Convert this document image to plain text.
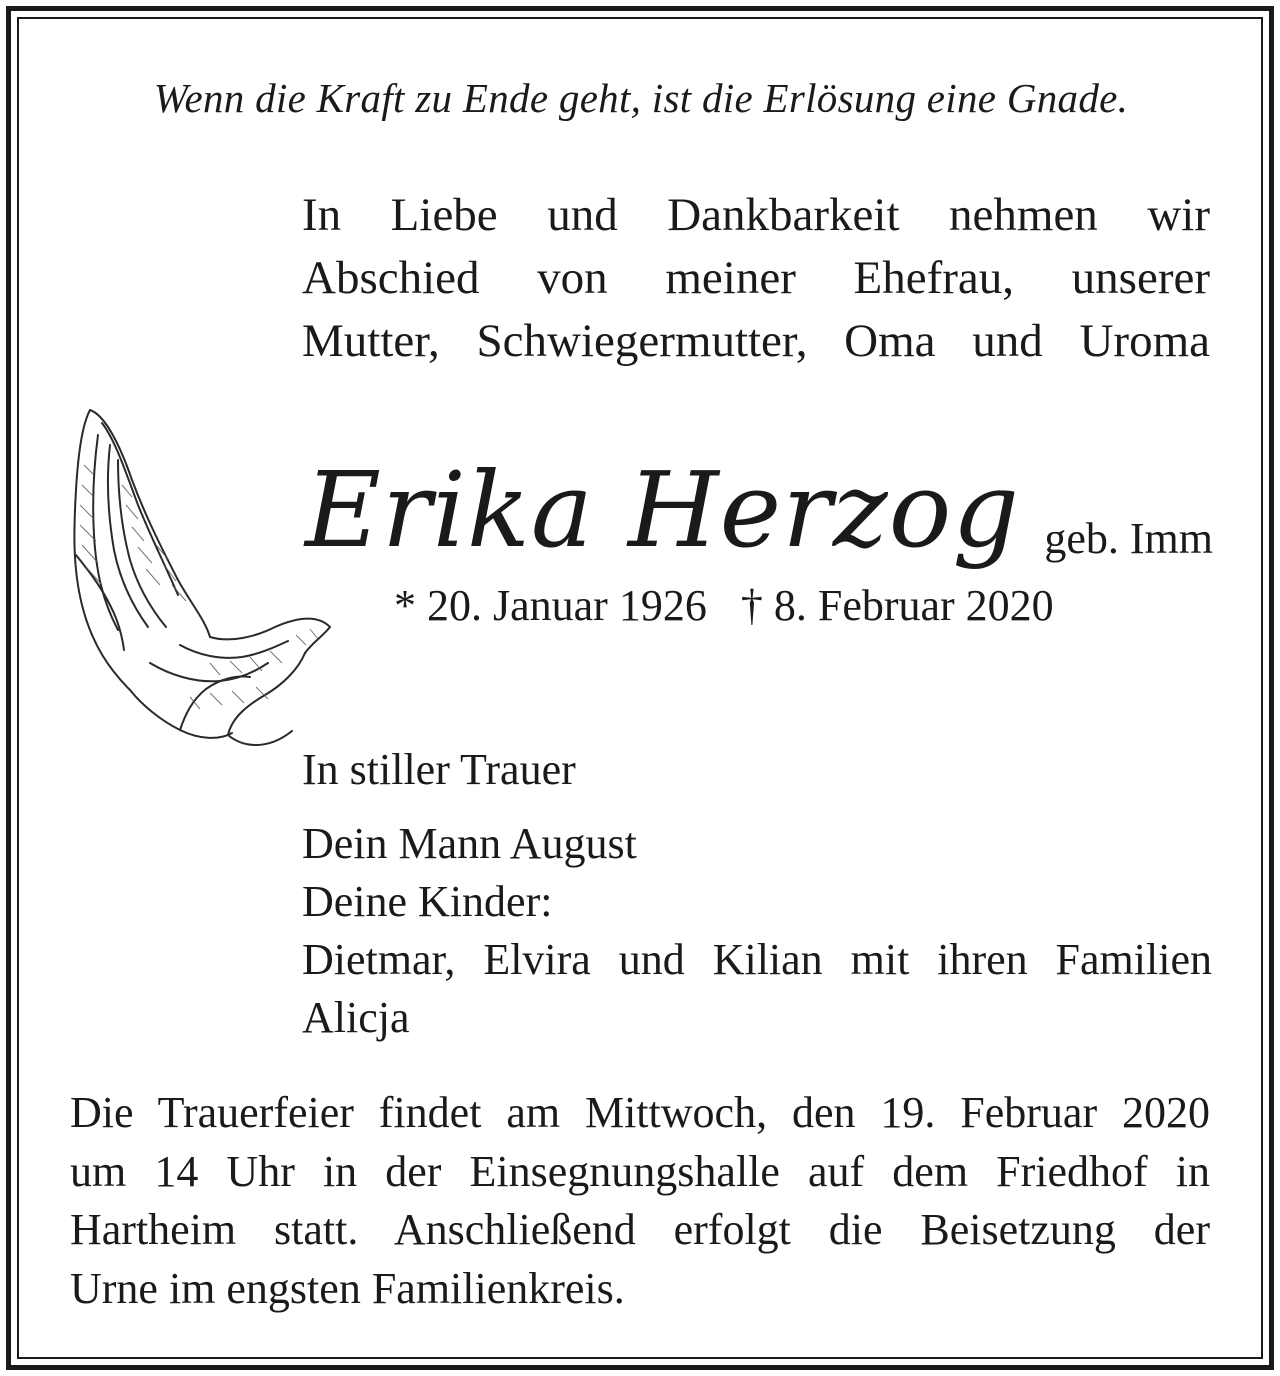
Wenn die Kraft zu Ende geht, ist die Erlösung eine Gnade.
In Liebe und Dankbarkeit nehmen wir
Abschied von meiner Ehefrau, unserer
Mutter, Schwiegermutter, Oma und Uroma
Erika Herzog geb. Imm
* 20. Januar 1926 † 8. Februar 2020
In stiller Trauer
Dein Mann August
Deine Kinder:
Dietmar, Elvira und Kilian mit ihren Familien
Alicja
Die Trauerfeier findet am Mittwoch, den 19. Februar 2020
um 14 Uhr in der Einsegnungshalle auf dem Friedhof in
Hartheim statt. Anschließend erfolgt die Beisetzung der
Urne im engsten Familienkreis.
